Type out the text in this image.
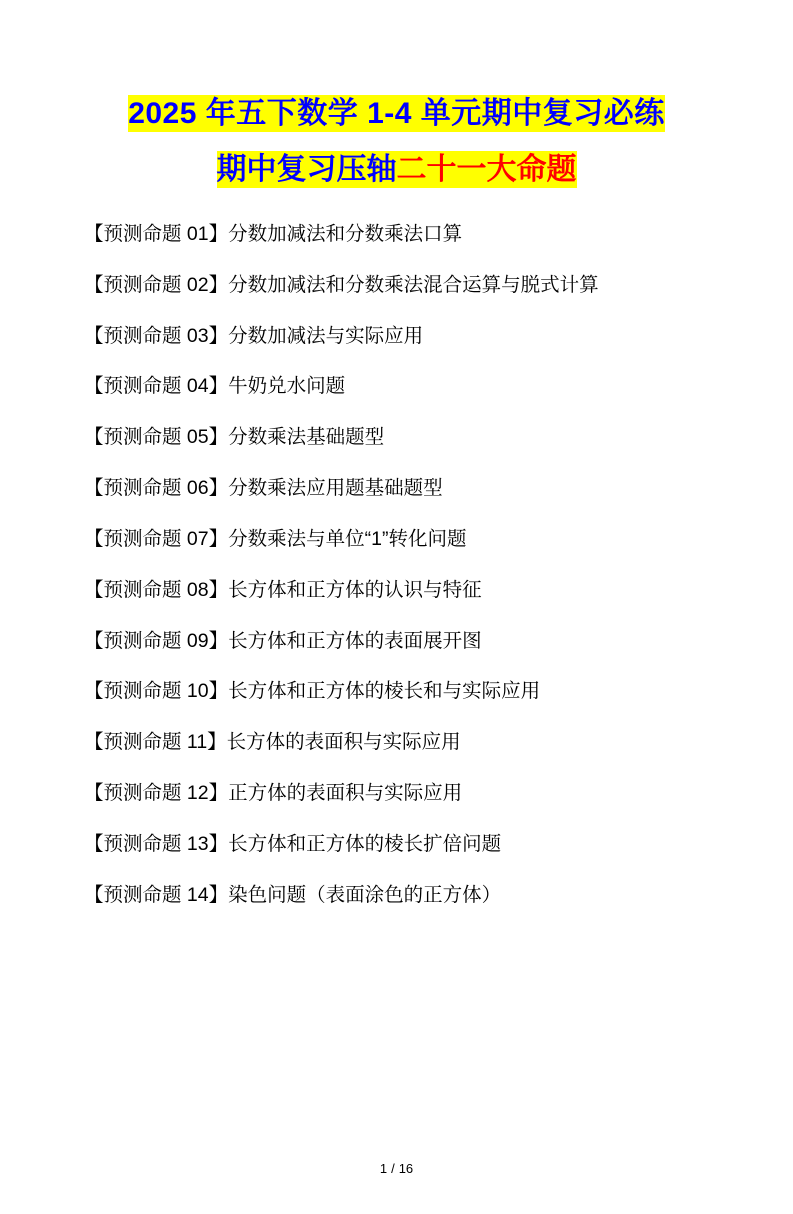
2025 年五下数学 1-4 单元期中复习必练
期中复习压轴二十一大命题
【预测命题 01】分数加减法和分数乘法口算
【预测命题 02】分数加减法和分数乘法混合运算与脱式计算
【预测命题 03】分数加减法与实际应用
【预测命题 04】牛奶兑水问题
【预测命题 05】分数乘法基础题型
【预测命题 06】分数乘法应用题基础题型
【预测命题 07】分数乘法与单位“1”转化问题
【预测命题 08】长方体和正方体的认识与特征
【预测命题 09】长方体和正方体的表面展开图
【预测命题 10】长方体和正方体的棱长和与实际应用
【预测命题 11】长方体的表面积与实际应用
【预测命题 12】正方体的表面积与实际应用
【预测命题 13】长方体和正方体的棱长扩倍问题
【预测命题 14】染色问题（表面涂色的正方体）
1 / 16
